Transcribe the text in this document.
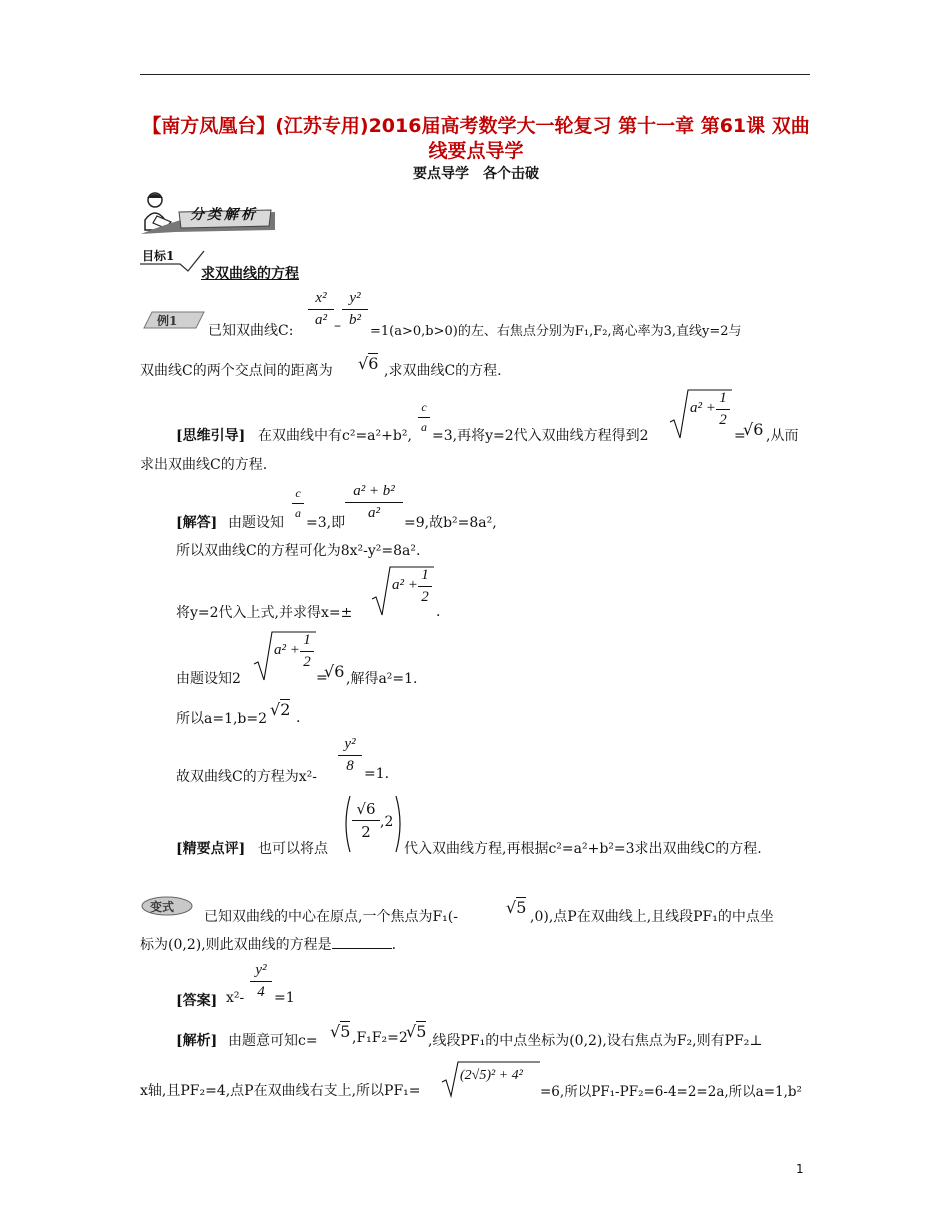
【南方凤凰台】(江苏专用)2016届高考数学大一轮复习 第十一章 第61课 双曲线要点导学
要点导学　各个击破
分类解析
目标1
求双曲线的方程
例1
已知双曲线C:
x²
a² –
y²
b²
=1(a>0,b>0)的左、右焦点分别为F₁,F₂,离心率为3,直线y=2与
双曲线C的两个交点间的距离为 √6 ,求双曲线C的方程.
[思维引导] 在双曲线中有c²=a²+b²,
c
a
=3,再将y=2代入双曲线方程得到2
a² +
1
2
=
√6 ,从而
求出双曲线C的方程.
[解答] 由题设知
c
a
=3,即
a² + b²
a²
=9,故b²=8a²,
所以双曲线C的方程可化为8x²-y²=8a².
将y=2代入上式,并求得x=±
a² +
1
2
.
由题设知2
a² +
1
2
=
√6 ,解得a²=1.
所以a=1,b=2 √2 .
故双曲线C的方程为x²-
y²
8 =1.
[精要点评] 也可以将点
√6
2
,2
代入双曲线方程,再根据c²=a²+b²=3求出双曲线C的方程.
变式
已知双曲线的中心在原点,一个焦点为F₁(-	√5 ,0),点P在双曲线上,且线段PF₁的中点坐
标为(0,2),则此双曲线的方程是	.
[答案] x²-
y²
4 =1
[解析] 由题意可知c= √5 ,F₁F₂=2
√5 ,线段PF₁的中点坐标为(0,2),设右焦点为F₂,则有PF₂⊥
x轴,且PF₂=4,点P在双曲线右支上,所以PF₁=
(2√5)² + 4²
=6,所以PF₁-PF₂=6-4=2=2a,所以a=1,b²
1
